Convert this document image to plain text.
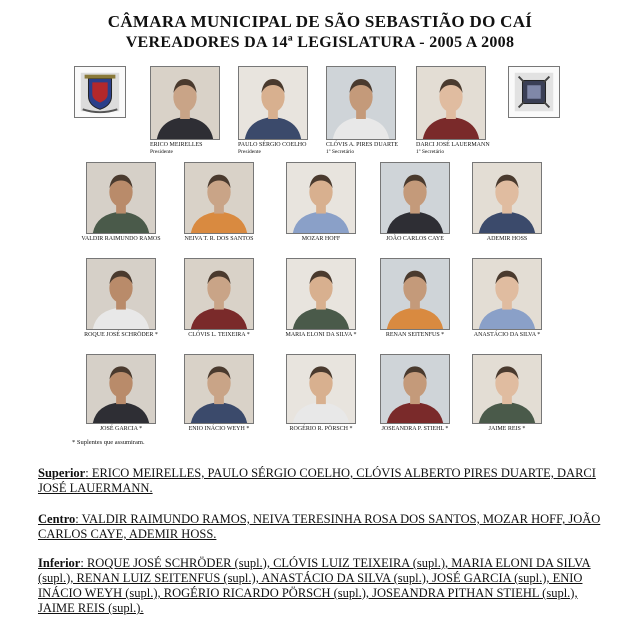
CÂMARA MUNICIPAL DE SÃO SEBASTIÃO DO CAÍ
VEREADORES DA 14ª LEGISLATURA - 2005 A 2008
ERICO MEIRELLES
Presidente
PAULO SÉRGIO COELHO
Presidente
CLÓVIS A. PIRES DUARTE
1º Secretário
DARCI JOSÉ LAUERMANN
1º Secretário
VALDIR RAIMUNDO RAMOS	NEIVA T. R. DOS SANTOS	MOZAR HOFF	JOÃO CARLOS CAYE	ADEMIR HOSS
ROQUE JOSÉ SCHRÖDER *	CLÓVIS L. TEIXEIRA *	MARIA ELONI DA SILVA *	RENAN SEITENFUS *	ANASTÁCIO DA SILVA *
JOSÉ GARCIA *	ENIO INÁCIO WEYH *	ROGÉRIO R. PÖRSCH *	JOSEANDRA P. STIEHL *	JAIME REIS *
* Suplentes que assumiram.
Superior: ERICO MEIRELLES, PAULO SÉRGIO COELHO, CLÓVIS ALBERTO PIRES DUARTE, DARCI JOSÉ LAUERMANN.
Centro: VALDIR RAIMUNDO RAMOS, NEIVA TERESINHA ROSA DOS SANTOS, MOZAR HOFF, JOÃO CARLOS CAYE, ADEMIR HOSS.
Inferior: ROQUE JOSÉ SCHRÖDER (supl.), CLÓVIS LUIZ TEIXEIRA (supl.), MARIA ELONI DA SILVA (supl.), RENAN LUIZ SEITENFUS (supl.), ANASTÁCIO DA SILVA (supl.), JOSÉ GARCIA (supl.), ENIO INÁCIO WEYH (supl.), ROGÉRIO RICARDO PÖRSCH (supl.), JOSEANDRA PITHAN STIEHL (supl.), JAIME REIS (supl.).
